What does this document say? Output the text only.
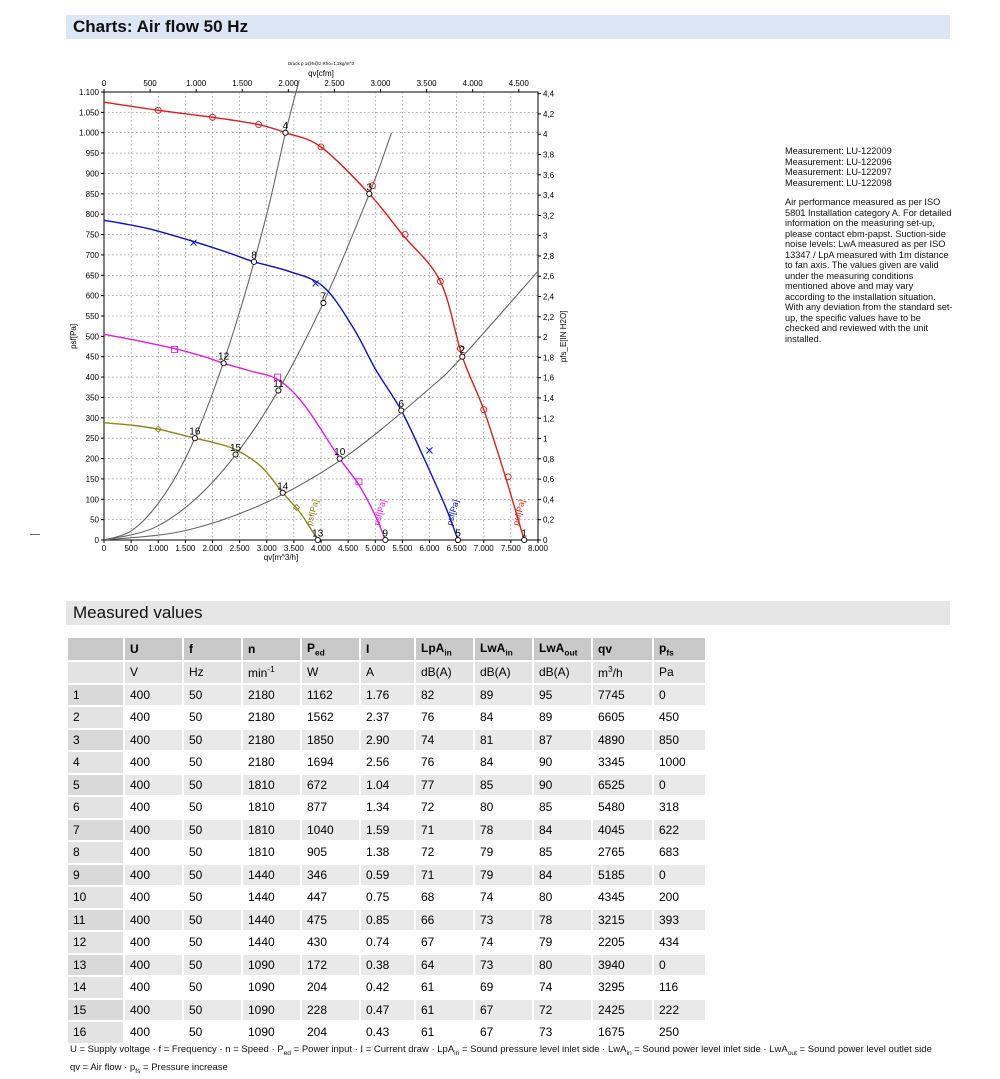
Charts: Air flow 50 Hz
0 500 1.000 1.500 2.000 2.500 3.000 3.500 4.000 4.500 5.000 5.500 6.000 6.500 7.000 7.500 8.000
qv[m^3/h]
0
50
100
150
200
250
300
350
400
450
500
550
600
650
700
750
800
850
900
950
1.000
1.050
1.100
psf[Pa]
0	500	1.000	1.500	2.000	2.500	3.000	3.500	4.000	4.500
qv[cfm]
Druck p 1@h@z Rho=1,2kg/m^3
0
0,2
0,4
0,6
0,8
1
1,2
1,4
1,6
1,8
2
2,2
2,4
2,6
2,8
3
3,2
3,4
3,6
3,8
4
4,2
4,4
pfs_E[IN H2O]
psf[Pa]
psf[Pa]
psf[Pa]
psf[Pa]
1
2
3
4
5
6
7
8
9
10
11
12
13
14
15
16
Measurement: LU-122009
Measurement: LU-122096
Measurement: LU-122097
Measurement: LU-122098

Air performance measured as per ISO 5801 Installation category A. For detailed information on the measuring set-up, please contact ebm-papst. Suction-side noise levels: LwA measured as per ISO 13347 / LpA measured with 1m distance to fan axis. The values given are valid under the measuring conditions mentioned above and may vary according to the installation situation. With any deviation from the standard set-up, the specific values have to be checked and reviewed with the unit installed.

Measured values
	U	f	n	$P_{ed}$	I	LpA$_{in}$	LwA$_{in}$	LwA$_{out}$	qv	$p_{fs}$
	V	Hz	$\min^{-1}$	W	A	dB(A)	dB(A)	dB(A)	$m^3/h$	Pa
1	400	50	2180	1162	1.76	82	89	95	7745	0
2	400	50	2180	1562	2.37	76	84	89	6605	450
3	400	50	2180	1850	2.90	74	81	87	4890	850
4	400	50	2180	1694	2.56	76	84	90	3345	1000
5	400	50	1810	672	1.04	77	85	90	6525	0
6	400	50	1810	877	1.34	72	80	85	5480	318
7	400	50	1810	1040	1.59	71	78	84	4045	622
8	400	50	1810	905	1.38	72	79	85	2765	683
9	400	50	1440	346	0.59	71	79	84	5185	0
10	400	50	1440	447	0.75	68	74	80	4345	200
11	400	50	1440	475	0.85	66	73	78	3215	393
12	400	50	1440	430	0.74	67	74	79	2205	434
13	400	50	1090	172	0.38	64	73	80	3940	0
14	400	50	1090	204	0.42	61	69	74	3295	116
15	400	50	1090	228	0.47	61	67	72	2425	222
16	400	50	1090	204	0.43	61	67	73	1675	250
U = Supply voltage · f = Frequency · n = Speed · $P_{ed}$ = Power input · I = Current draw · LpA$_{in}$ = Sound pressure level inlet side · LwA$_{in}$ = Sound power level inlet side · LwA$_{out}$ = Sound power level outlet side
qv = Air flow · $p_{fs}$ = Pressure increase
